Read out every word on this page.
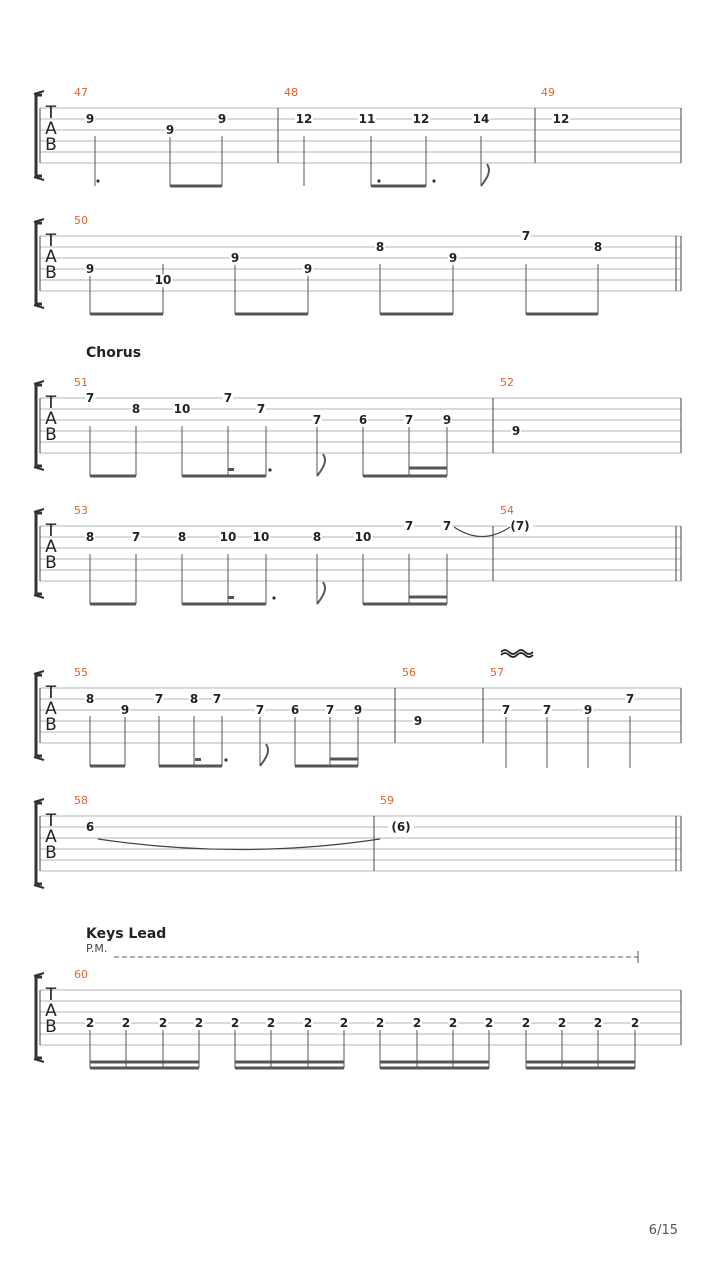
Chorus
Keys Lead
P.M.
6/15
T
A
B
47
9
9
9
48
12	11	12	14
49
12
T
A
B
50
9
10
9
9
8
9
7
8
T
A
B
51
7
8	10
7
7
7	6	7 9
52
9
T
A
B
53
8	7	8	10 10	8	10
7 7
54
(7)
T
A
B
55
8
9
7 8 7
7 6 7 9
56
9
57
7	7	9
7
T
A
B
58
6
59
(6)
T
A
B
60
2 2 2 2 2 2 2 2 2 2 2 2 2 2 2 2
